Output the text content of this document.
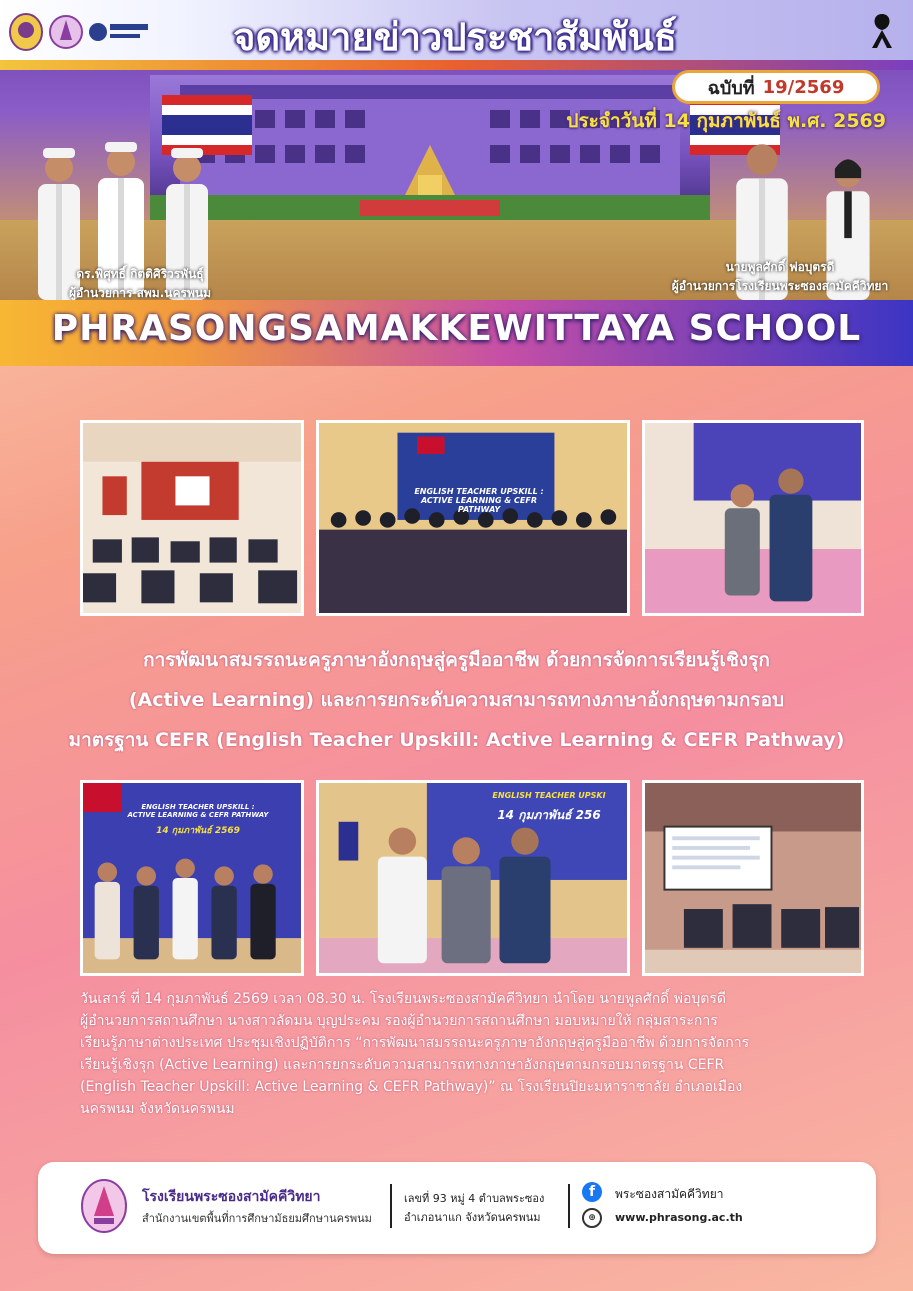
ดร.พิศุทธิ์ กิตติศิริวรพันธุ์
ผู้อำนวยการ สพม.นครพนม
นายพูลศักดิ์ พ่อบุตรดี
ผู้อำนวยการโรงเรียนพระซองสามัคคีวิทยา
จดหมายข่าวประชาสัมพันธ์
ฉบับที่ 19/2569
ประจำวันที่ 14 กุมภาพันธ์ พ.ศ. 2569
PHRASONGSAMAKKEWITTAYA SCHOOL
ENGLISH TEACHER UPSKILL :
ACTIVE LEARNING & CEFR PATHWAY
การพัฒนาสมรรถนะครูภาษาอังกฤษสู่ครูมืออาชีพ ด้วยการจัดการเรียนรู้เชิงรุก
(Active Learning) และการยกระดับความสามารถทางภาษาอังกฤษตามกรอบ
มาตรฐาน CEFR (English Teacher Upskill: Active Learning & CEFR Pathway)
ENGLISH TEACHER UPSKILL :
ACTIVE LEARNING & CEFR PATHWAY
14 กุมภาพันธ์ 2569
ENGLISH TEACHER UPSKI
14 กุมภาพันธ์ 256
วันเสาร์ ที่ 14 กุมภาพันธ์ 2569 เวลา 08.30 น. โรงเรียนพระซองสามัคคีวิทยา นำโดย นายพูลศักดิ์ พ่อบุตรดี
ผู้อำนวยการสถานศึกษา นางสาวลัดมน บุญประคม รองผู้อำนวยการสถานศึกษา มอบหมายให้ กลุ่มสาระการ
เรียนรู้ภาษาต่างประเทศ ประชุมเชิงปฏิบัติการ “การพัฒนาสมรรถนะครูภาษาอังกฤษสู่ครูมืออาชีพ ด้วยการจัดการ
เรียนรู้เชิงรุก (Active Learning) และการยกระดับความสามารถทางภาษาอังกฤษตามกรอบมาตรฐาน CEFR
(English Teacher Upskill: Active Learning & CEFR Pathway)” ณ โรงเรียนปิยะมหาราชาลัย อำเภอเมือง
นครพนม จังหวัดนครพนม
โรงเรียนพระซองสามัคคีวิทยา
สำนักงานเขตพื้นที่การศึกษามัธยมศึกษานครพนม
เลขที่ 93 หมู่ 4 ตำบลพระซอง
อำเภอนาแก จังหวัดนครพนม
f	พระซองสามัคคีวิทยา
⊕	www.phrasong.ac.th
